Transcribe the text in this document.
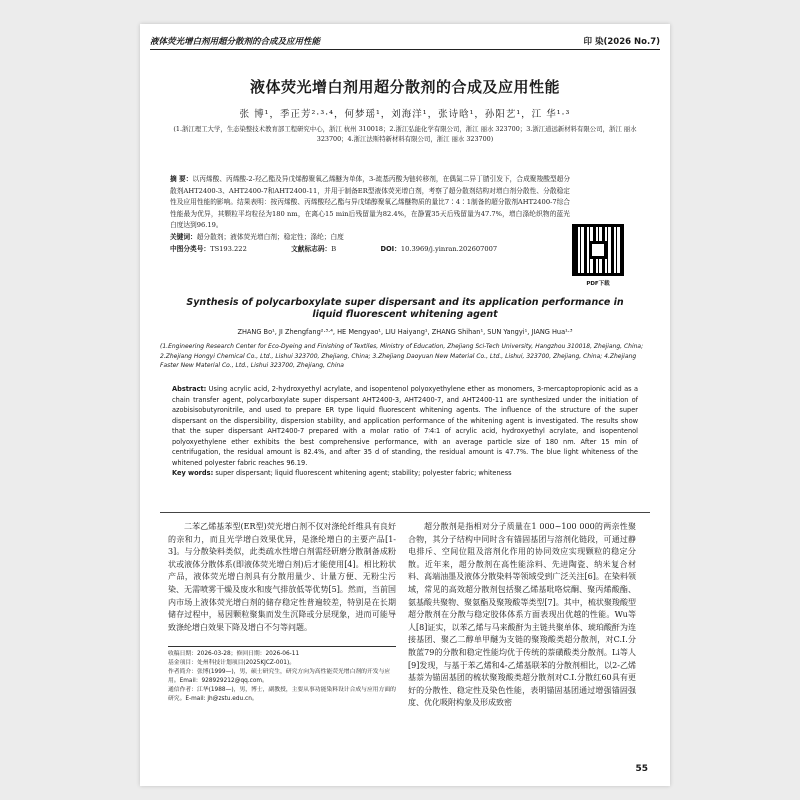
液体荧光增白剂用超分散剂的合成及应用性能	印 染(2026 No.7)
液体荧光增白剂用超分散剂的合成及应用性能
张 博¹，季正芳²·³·⁴，何梦瑶¹，刘海洋¹，张诗晗¹，孙阳艺¹，江 华¹·³
(1.浙江理工大学，生态染整技术教育部工程研究中心，浙江 杭州 310018；2.浙江弘能化学有限公司，浙江 丽水 323700；3.浙江道远新材料有限公司，浙江 丽水 323700；4.浙江法斯特新材料有限公司，浙江 丽水 323700)
摘 要：以丙烯酸、丙烯酸-2-羟乙酯及异戊烯醇聚氧乙烯醚为单体，3-巯基丙酸为链转移剂，在偶氮二异丁腈引发下，合成聚羧酸型超分散剂AHT2400-3、AHT2400-7和AHT2400-11，并用于制备ER型液体荧光增白剂，考察了超分散剂结构对增白剂分散性、分散稳定性及应用性能的影响。结果表明：按丙烯酸、丙烯酸羟乙酯与异戊烯醇聚氧乙烯醚物质的量比7∶4∶1制备的超分散剂AHT2400-7综合性能最为优异，其颗粒平均粒径为180 nm，在离心15 min后残留量为82.4%，在静置35天后残留量为47.7%，增白涤纶织物的蓝光白度达到96.19。
关键词：超分散剂；液体荧光增白剂；稳定性；涤纶；白度
中图分类号：TS193.222	文献标志码：B	DOI：10.3969/j.yinran.202607007
PDF下载
Synthesis of polycarboxylate super dispersant and its application performance in liquid fluorescent whitening agent
ZHANG Bo¹, JI Zhengfang²·³·⁴, HE Mengyao¹, LIU Haiyang¹, ZHANG Shihan¹, SUN Yangyi¹, JIANG Hua¹·³
(1.Engineering Research Center for Eco-Dyeing and Finishing of Textiles, Ministry of Education, Zhejiang Sci-Tech University, Hangzhou 310018, Zhejiang, China; 2.Zhejiang Hongyi Chemical Co., Ltd., Lishui 323700, Zhejiang, China; 3.Zhejiang Daoyuan New Material Co., Ltd., Lishui, 323700, Zhejiang, China; 4.Zhejiang Faster New Material Co., Ltd., Lishui 323700, Zhejiang, China
Abstract: Using acrylic acid, 2-hydroxyethyl acrylate, and isopentenol polyoxyethylene ether as monomers, 3-mercaptopropionic acid as a chain transfer agent, polycarboxylate super dispersant AHT2400-3, AHT2400-7, and AHT2400-11 are synthesized under the initiation of azobisisobutyronitrile, and used to prepare ER type liquid fluorescent whitening agents. The influence of the structure of the super dispersant on the dispersibility, dispersion stability, and application performance of the whitening agent is investigated. The results show that the super dispersant AHT2400-7 prepared with a molar ratio of 7∶4∶1 of acrylic acid, hydroxyethyl acrylate, and isopentenol polyoxyethylene ether exhibits the best comprehensive performance, with an average particle size of 180 nm. After 15 min of centrifugation, the residual amount is 82.4%, and after 35 d of standing, the residual amount is 47.7%. The blue light whiteness of the whitened polyester fabric reaches 96.19.
Key words: super dispersant; liquid fluorescent whitening agent; stability; polyester fabric; whiteness
二苯乙烯基苯型(ER型)荧光增白剂不仅对涤纶纤维具有良好的亲和力，而且光学增白效果优异，是涤纶增白的主要产品[1-3]。与分散染料类似，此类疏水性增白剂需经研磨分散制备成粉状或液体分散体系(即液体荧光增白剂)后才能使用[4]。相比粉状产品，液体荧光增白剂具有分散用量少、计量方便、无粉尘污染、无需喷雾干燥及废水和废气排放低等优势[5]。然而，当前国内市场上液体荧光增白剂的储存稳定性普遍较差，特别是在长期储存过程中，易因颗粒聚集而发生沉降或分层现象，进而可能导致涤纶增白效果下降及增白不匀等问题。
超分散剂是指相对分子质量在1 000~100 000的两亲性聚合物，其分子结构中同时含有锚固基团与溶剂化链段，可通过静电排斥、空间位阻及溶剂化作用的协同效应实现颗粒的稳定分散。近年来，超分散剂在高性能涂料、先进陶瓷、纳米复合材料、高端油墨及液体分散染料等领域受到广泛关注[6]。在染料领域，常见的高效超分散剂包括聚乙烯基吡咯烷酮、聚丙烯酸酯、氨基酸共聚物、聚氨酯及聚羧酸等类型[7]。其中，梳状聚羧酸型超分散剂在分散与稳定胶体体系方面表现出优越的性能。Wu等人[8]证实，以苯乙烯与马来酸酐为主链共聚单体、琥珀酸酐为连接基团、聚乙二醇单甲醚为支链的聚羧酸类超分散剂，对C.I.分散蓝79的分散和稳定性能均优于传统的萘磺酸类分散剂。Li等人[9]发现，与基于苯乙烯和4-乙烯基联苯的分散剂相比，以2-乙烯基萘为锚固基团的梳状聚羧酸类超分散剂对C.I.分散红60具有更好的分散性、稳定性及染色性能，表明锚固基团通过增强锚固强度、优化吸附构象及形成致密
收稿日期：2026-03-28；修回日期：2026-06-11
基金项目：处州科技计划项目(2025KJCZ-001)。
作者简介：张博(1999—)，男，硕士研究生，研究方向为高性能荧光增白剂的开发与应用。Email：928929212@qq.com。
通信作者：江华(1988—)，男，博士，副教授，主要从事功能染料设计合成与应用方面的研究。E-mail: jh@zstu.edu.cn。
55
